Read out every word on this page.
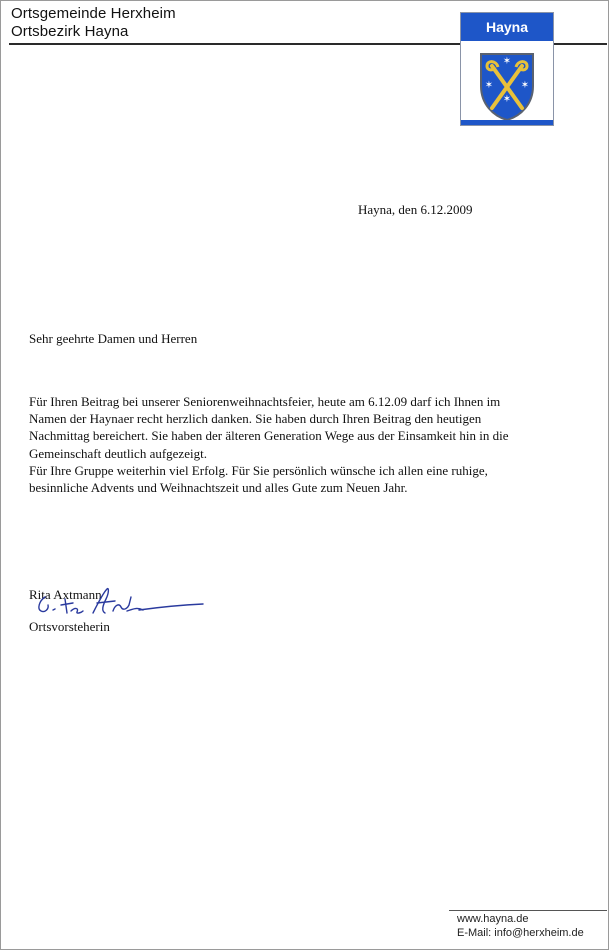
Ortsgemeinde Herxheim
Ortsbezirk Hayna	Hayna
✶
✶	✶
✶
Hayna, den 6.12.2009
Sehr geehrte Damen und Herren

Für Ihren Beitrag bei unserer Seniorenweihnachtsfeier, heute am 6.12.09 darf ich Ihnen im
Namen der Haynaer recht herzlich danken. Sie haben durch Ihren Beitrag den heutigen
Nachmittag bereichert. Sie haben der älteren Generation Wege aus der Einsamkeit hin in die
Gemeinschaft deutlich aufgezeigt.

Für Ihre Gruppe weiterhin viel Erfolg. Für Sie persönlich wünsche ich allen eine ruhige,
besinnliche Advents und Weihnachtszeit und alles Gute zum Neuen Jahr.

Rita Axtmann
Ortsvorsteherin
www.hayna.de
E-Mail: info@herxheim.de
